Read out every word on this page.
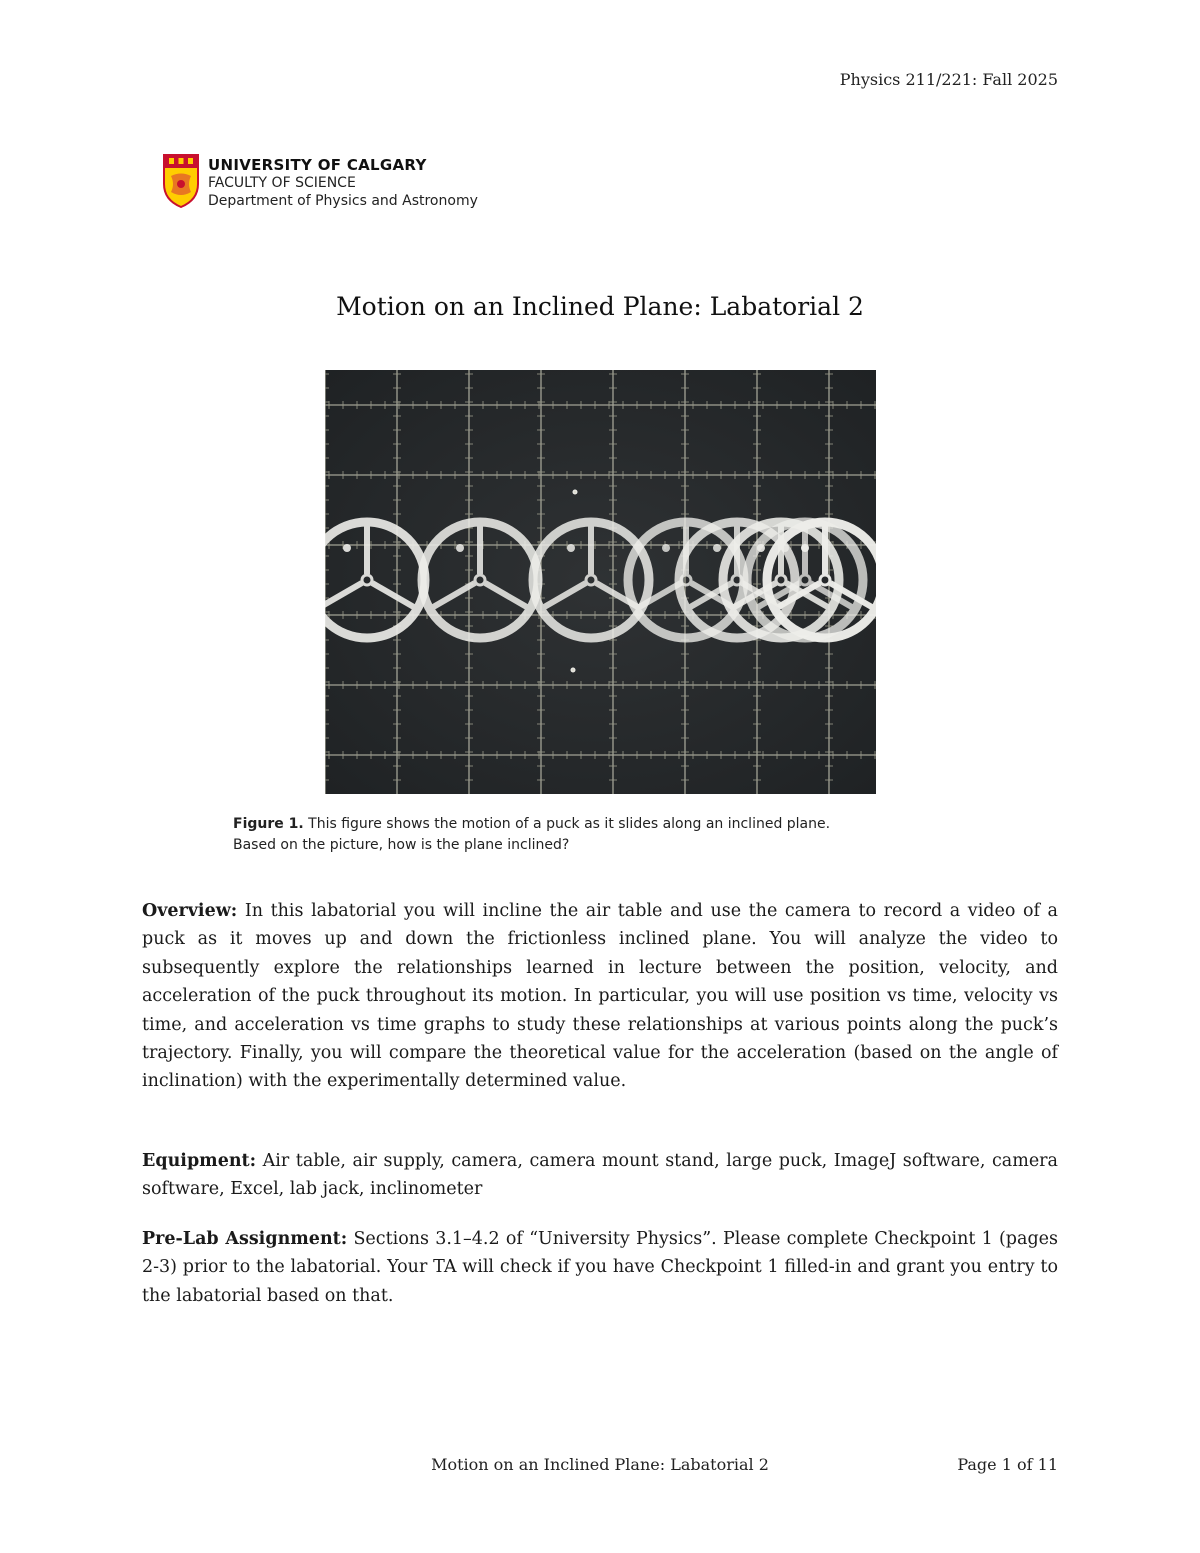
Physics 211/221: Fall 2025
UNIVERSITY OF CALGARY
FACULTY OF SCIENCE
Department of Physics and Astronomy
Motion on an Inclined Plane: Labatorial 2
Figure 1. This figure shows the motion of a puck as it slides along an inclined plane.
Based on the picture, how is the plane inclined?
Overview: In this labatorial you will incline the air table and use the camera to record a video of a puck as it moves up and down the frictionless inclined plane. You will analyze the video to subsequently explore the relationships learned in lecture between the position, velocity, and acceleration of the puck throughout its motion. In particular, you will use position vs time, velocity vs time, and acceleration vs time graphs to study these relationships at various points along the puck’s trajectory. Finally, you will compare the theoretical value for the acceleration (based on the angle of inclination) with the experimentally determined value.
Equipment: Air table, air supply, camera, camera mount stand, large puck, ImageJ software, camera software, Excel, lab jack, inclinometer
Pre-Lab Assignment: Sections 3.1–4.2 of “University Physics”. Please complete Checkpoint 1 (pages 2-3) prior to the labatorial. Your TA will check if you have Checkpoint 1 filled-in and grant you entry to the labatorial based on that.
Motion on an Inclined Plane: Labatorial 2	Page 1 of 11
